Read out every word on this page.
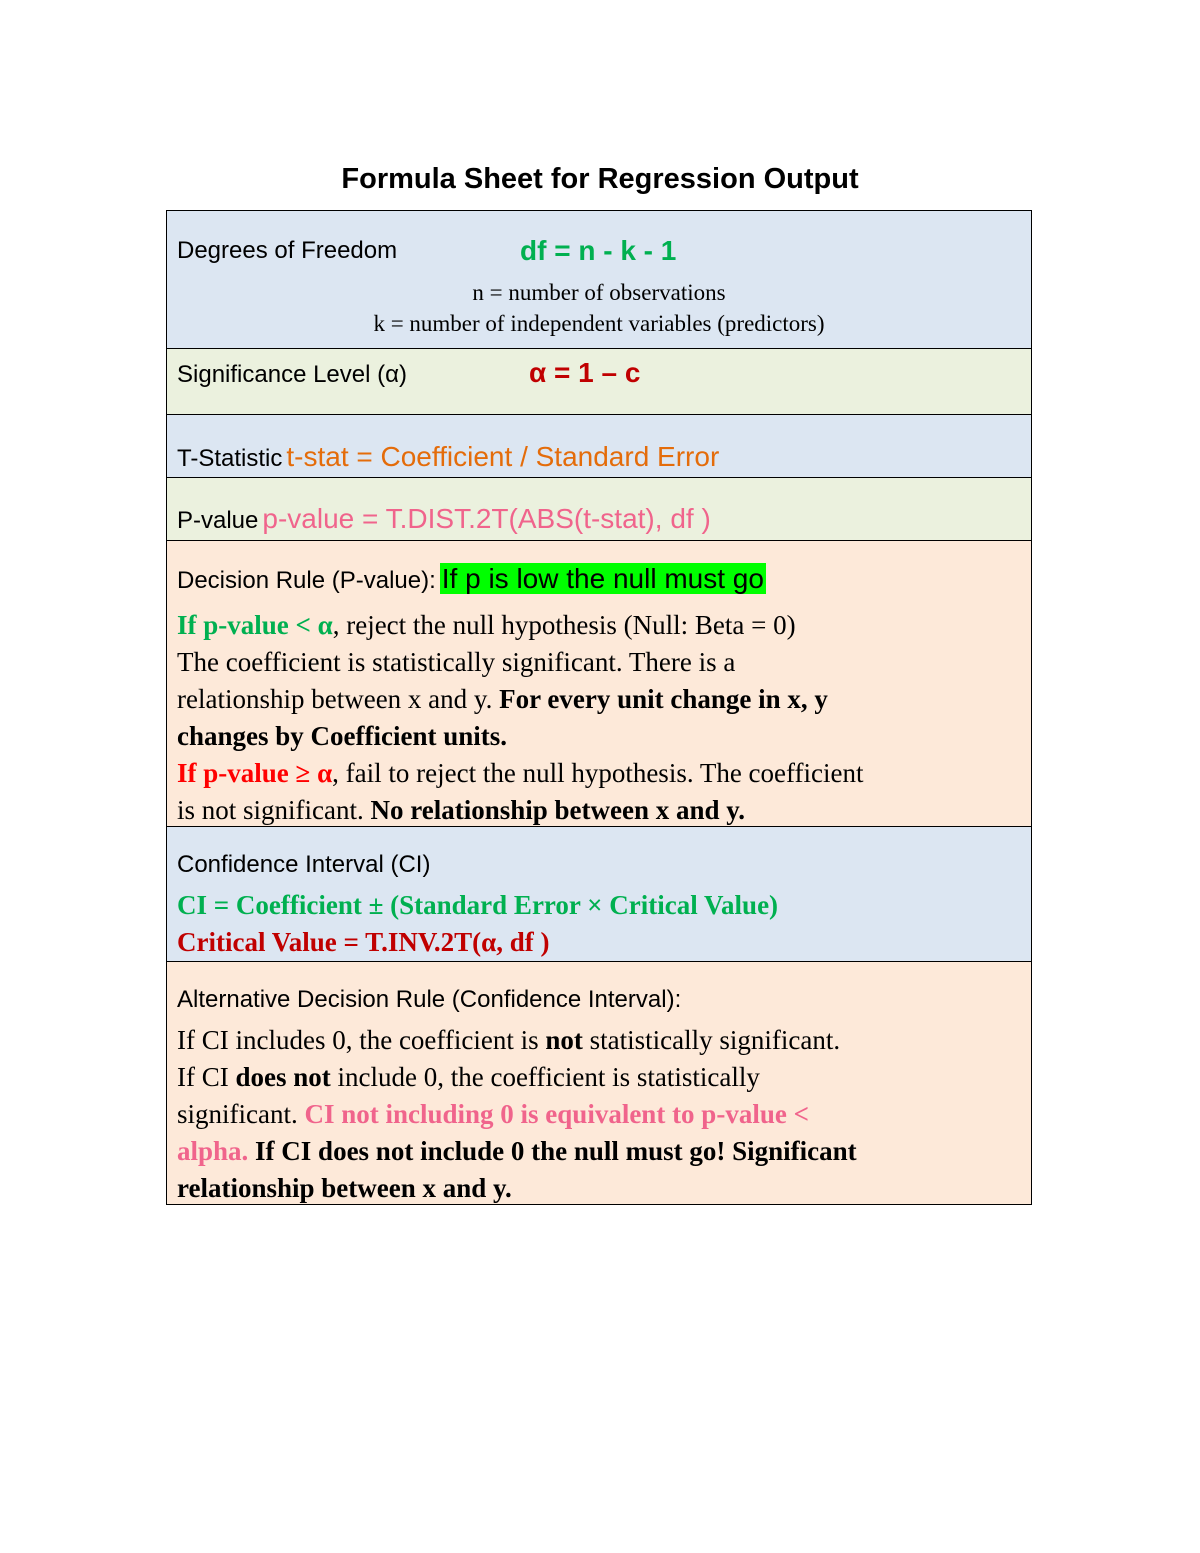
Formula Sheet for Regression Output
Degrees of Freedom	df = n - k - 1
n = number of observations
k = number of independent variables (predictors)
Significance Level (α)	α = 1 – c
T-Statistic t-stat = Coefficient / Standard Error
P-value p-value = T.DIST.2T(ABS(t-stat), df )
Decision Rule (P-value): If p is low the null must go
If p-value < α, reject the null hypothesis (Null: Beta = 0)
The coefficient is statistically significant. There is a
relationship between x and y. For every unit change in x, y
changes by Coefficient units.
If p-value ≥ α, fail to reject the null hypothesis. The coefficient
is not significant. No relationship between x and y.
Confidence Interval (CI)
CI = Coefficient ± (Standard Error × Critical Value)
Critical Value = T.INV.2T(α, df )
Alternative Decision Rule (Confidence Interval):
If CI includes 0, the coefficient is not statistically significant.
If CI does not include 0, the coefficient is statistically
significant. CI not including 0 is equivalent to p-value <
alpha. If CI does not include 0 the null must go! Significant
relationship between x and y.
